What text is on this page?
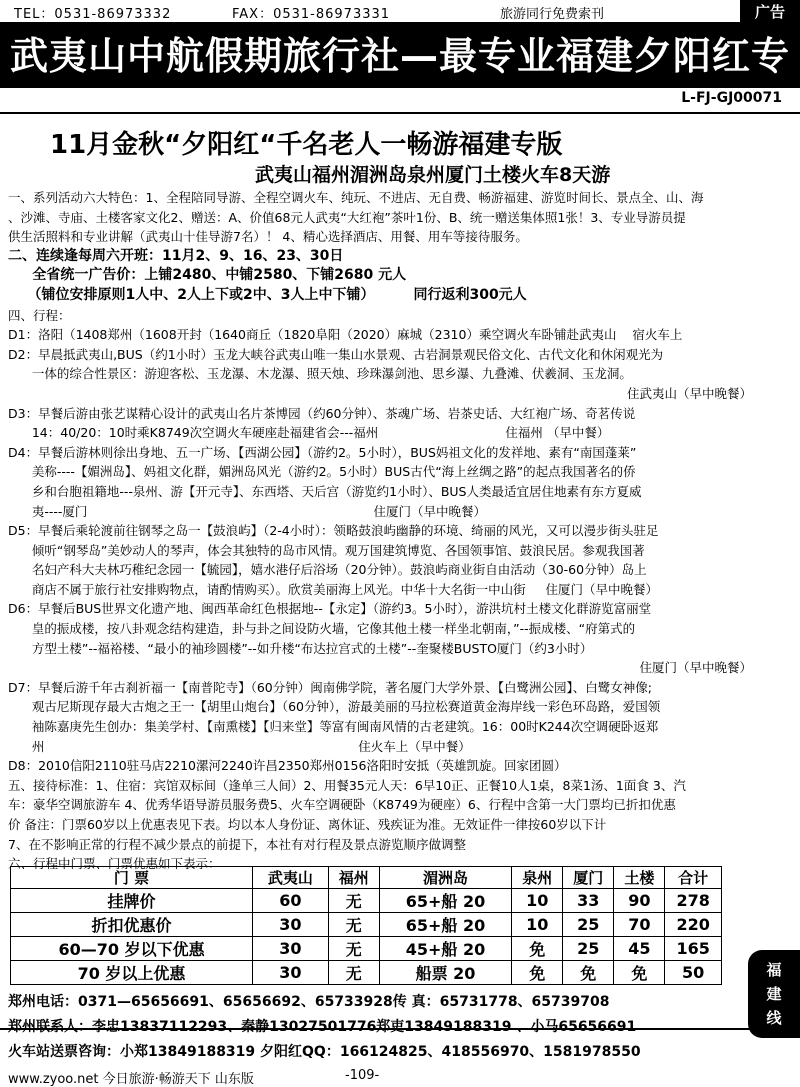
TEL：0531-86973332	FAX：0531-86973331	旅游同行免费索刊	广告
武夷山中航假期旅行社—最专业福建夕阳红专版	L-FJ-GJ00071
11月金秋“夕阳红“千名老人一畅游福建专版
武夷山福州湄洲岛泉州厦门土楼火车8天游

一、系列活动六大特色：1、全程陪同导游、全程空调火车、纯玩、不进店、无自费、畅游福建、游览时间长、景点全、山、海

、沙滩、寺庙、土楼客家文化2、赠送：A、价值68元人武夷“大红袍”茶叶1份、B、统一赠送集体照1张！3、专业导游员提

供生活照料和专业讲解（武夷山十佳导游7名）！ 4、精心选择酒店、用餐、用车等接待服务。

二、连续逢每周六开班：11月2、9、16、23、30日

全省统一广告价：上铺2480、中铺2580、下铺2680 元人

（铺位安排原则1人中、2人上下或2中、3人上中下铺）        同行返利300元人

四、行程：

D1：洛阳（1408郑州（1608开封（1640商丘（1820阜阳（2020）麻城（2310）乘空调火车卧铺赴武夷山    宿火车上

D2：早晨抵武夷山,BUS（约1小时）玉龙大峡谷武夷山唯一集山水景观、古岩洞景观民俗文化、古代文化和休闲观光为

一体的综合性景区：游迎客松、玉龙瀑、木龙瀑、照天烛、珍珠瀑剑池、思乡瀑、九叠滩、伏羲洞、玉龙洞。

住武夷山（早中晚餐）

D3：早餐后游由张艺谋精心设计的武夷山名片茶博园（约60分钟）、茶魂广场、岩茶史话、大红袍广场、奇茗传说

14：40/20：10时乘K8749次空调火车硬座赴福建省会---福州                                住福州 （早中餐）

D4：早餐后游林则徐出身地、五一广场、【西湖公园】（游约2。5小时），BUS妈祖文化的发祥地、素有“南国蓬莱”

美称----【媚洲岛】、妈祖文化群，媚洲岛风光（游约2。5小时）BUS古代“海上丝绸之路”的起点我国著名的侨

乡和台胞祖籍地---泉州、游【开元寺】、东西塔、天后宫（游览约1小时）、BUS人类最适宜居住地素有东方夏威

夷----厦门                                                                        住厦门（早中晚餐）

D5：早餐后乘轮渡前往钢琴之岛一【鼓浪屿】（2-4小时）：领略鼓浪屿幽静的环境、绮丽的风光，又可以漫步街头驻足

倾听“钢琴岛”美妙动人的琴声，体会其独特的岛市风情。观万国建筑博览、各国领事馆、鼓浪民居。参观我国著

名妇产科大夫林巧稚纪念园一【毓园】，嬉水港仔后浴场（20分钟）。鼓浪屿商业街自由活动（30-60分钟）岛上

商店不属于旅行社安排购物点，请酌情购买）。欣赏美丽海上风光。中华十大名街一中山街     住厦门（早中晚餐）

D6：早餐后BUS世界文化遗产地、闽西革命红色根据地--【永定】（游约3。5小时），游洪坑村土楼文化群游览富丽堂

皇的振成楼，按八卦观念结构建造，卦与卦之间设防火墙，它像其他土楼一样坐北朝南，”--振成楼、“府第式的

方型土楼”--福裕楼、“最小的袖珍圆楼”--如升楼“布达拉宫式的土楼”--奎聚楼BUSTO厦门（约3小时）

住厦门（早中晚餐）

D7：早餐后游千年古刹祈福一【南普陀寺】（60分钟）闽南佛学院，著名厦门大学外景、【白鹭洲公园】、白鹭女神像;

观古尼斯现存最大古炮之王一【胡里山炮台】（60分钟），游最美丽的马拉松赛道黄金海岸线一彩色环岛路，爱国领

袖陈嘉庚先生创办：集美学村、【南熏楼】【归来堂】等富有闽南风情的古老建筑。16：00时K244次空调硬卧返郑

州                                                                               住火车上（早中餐）

D8：2010信阳2110驻马店2210漯河2240许昌2350郑州0156洛阳时安抵（英雄凯旋。回家团圆）

五、接待标准：1、住宿：宾馆双标间（逢单三人间）2、用餐35元人天：6早10正、正餐10人1桌，8菜1汤、1面食 3、汽

车：豪华空调旅游车 4、优秀华语导游员服务费5、火车空调硬卧（K8749为硬座）6、行程中含第一大门票均已折扣优惠

价 备注：门票60岁以上优惠表见下表。均以本人身份证、离休证、残疾证为准。无效证件一律按60岁以下计

7、在不影响正常的行程不减少景点的前提下，本社有对行程及景点游览顺序做调整

六、行程中门票、门票优惠如下表示：

门 票	武夷山	福州	湄洲岛	泉州	厦门	土楼	合计
挂牌价	60	无	65+船 20	10	33	90	278
折扣优惠价	30	无	65+船 20	10	25	70	220
60—70 岁以下优惠	30	无	45+船 20	免	25	45	165
70 岁以上优惠	30	无	船票 20	免	免	免	50
郑州电话：0371—65656691、65656692、65733928传 真：65731778、65739708
郑州联系人：李忠13837112293、秦静13027501776郑吏13849188319 、小马65656691
火车站送票咨询：小郑13849188319 夕阳红QQ：166124825、418556970、1581978550
福
建
线
www.zyoo.net 今日旅游·畅游天下 山东版	-109-
